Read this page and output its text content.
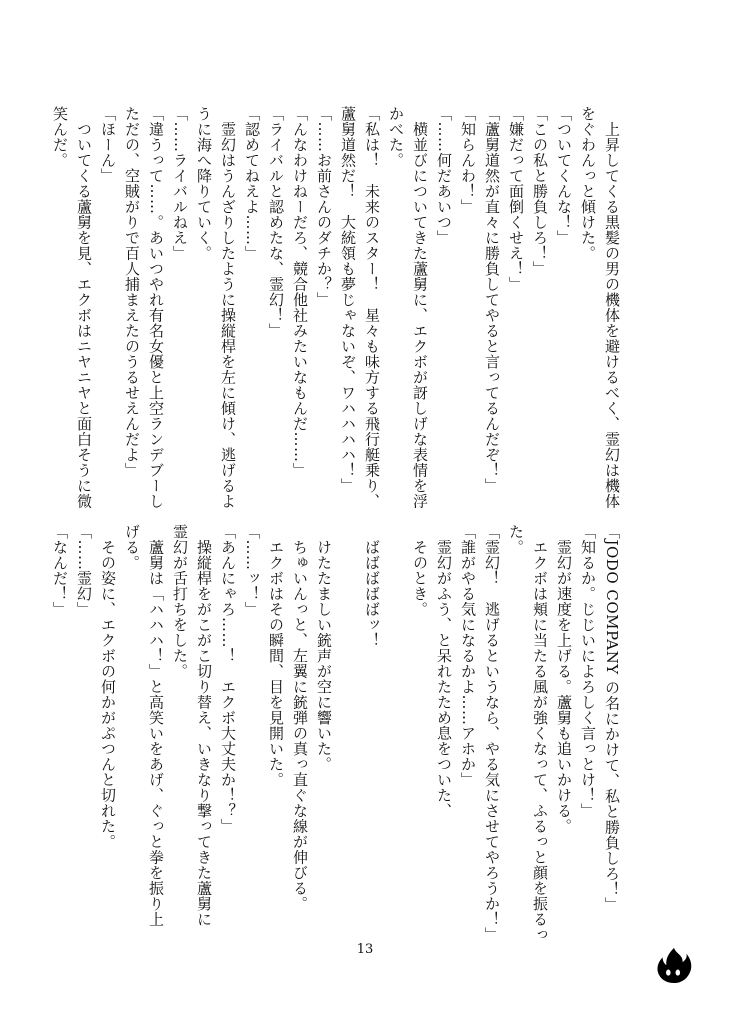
　上昇してくる黒髪の男の機体を避けるべく、霊幻は機体

をぐわんっと傾けた。

「ついてくんな！」

「この私と勝負しろ！」

「嫌だって面倒くせえ！」

「蘆舅道然が直々に勝負してやると言ってるんだぞ！」

「知らんわ！」

「……何だあいつ」

　横並びについてきた蘆舅に、エクボが訝しげな表情を浮

かべた。

「私は！　未来のスター！　星々も味方する飛行艇乗り、

蘆舅道然だ！　大統領も夢じゃないぞ、ワハハハハ！」

「……お前さんのダチか？」

「んなわけねーだろ、競合他社みたいなもんだ……」

「ライバルと認めたな、霊幻！」

「認めてねえよ……」

　霊幻はうんざりしたように操縦桿を左に傾け、逃げるよ

うに海へ降りていく。

「……ライバルねえ」

「違うって……。あいつやれ有名女優と上空ランデブーし

ただの、空賊がりで百人捕まえたのうるせえんだよ」

「ほーん」

　ついてくる蘆舅を見、エクボはニヤニヤと面白そうに微

笑んだ。

「JODO COMPANY の名にかけて、私と勝負しろ！」

「知るか。じじいによろしく言っとけ！」

　霊幻が速度を上げる。蘆舅も追いかける。

　エクボは頬に当たる風が強くなって、ふるっと顔を振るっ

た。

「霊幻！　逃げるというなら、やる気にさせてやろうか！」

「誰がやる気になるかよ……アホか」

　霊幻がふう、と呆れたため息をついた、

　そのとき。

　ばばばばばッ！

　けたたましい銃声が空に響いた。

　ちゅいんっと、左翼に銃弾の真っ直ぐな線が伸びる。

　エクボはその瞬間、目を見開いた。

「……ッ！」

「あんにゃろ……！　エクボ大丈夫か！？」

　操縦桿をがこがこ切り替え、いきなり撃ってきた蘆舅に

霊幻が舌打ちをした。

　蘆舅は「ハハハ！」と高笑いをあげ、ぐっと拳を振り上

げる。

　その姿に、エクボの何かがぷつんと切れた。

「……霊幻」

「なんだ！」

13
